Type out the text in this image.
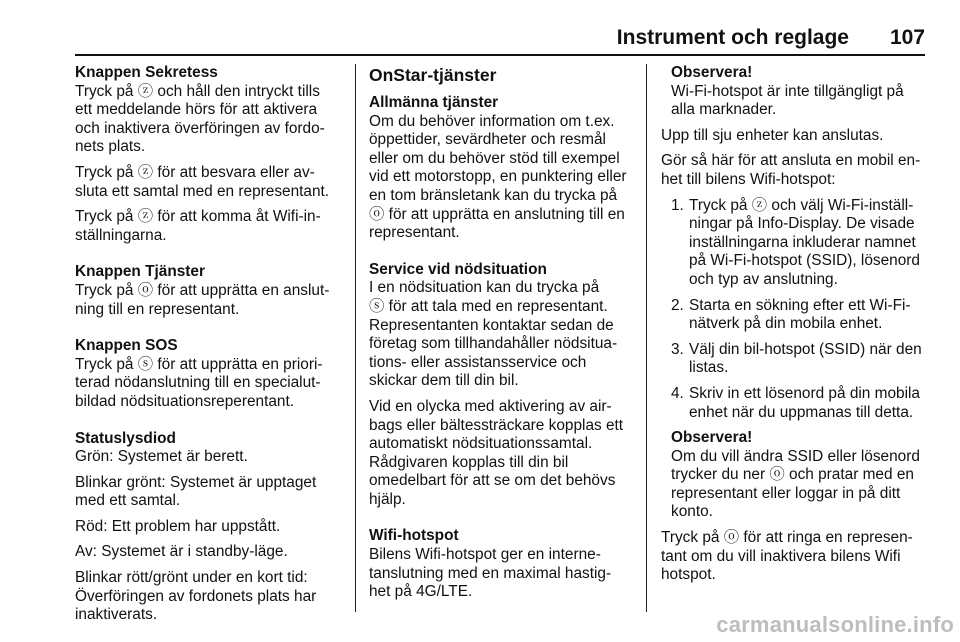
Instrument och reglage 107
Knappen Sekretess
Tryck på ⓩ och håll den intryckt tills
ett meddelande hörs för att aktivera
och inaktivera överföringen av fordo-
nets plats.
Tryck på ⓩ för att besvara eller av-
sluta ett samtal med en representant.
Tryck på ⓩ för att komma åt Wifi-in-
ställningarna.
Knappen Tjänster
Tryck på ⓞ för att upprätta en anslut-
ning till en representant.
Knappen SOS
Tryck på ⓢ för att upprätta en priori-
terad nödanslutning till en specialut-
bildad nödsituationsreperentant.
Statuslysdiod
Grön: Systemet är berett.
Blinkar grönt: Systemet är upptaget
med ett samtal.
Röd: Ett problem har uppstått.
Av: Systemet är i standby-läge.
Blinkar rött/grönt under en kort tid:
Överföringen av fordonets plats har
inaktiverats.
OnStar-tjänster
Allmänna tjänster
Om du behöver information om t.ex.
öppettider, sevärdheter och resmål
eller om du behöver stöd till exempel
vid ett motorstopp, en punktering eller
en tom bränsletank kan du trycka på
ⓞ för att upprätta en anslutning till en
representant.
Service vid nödsituation
I en nödsituation kan du trycka på
ⓢ för att tala med en representant.
Representanten kontaktar sedan de
företag som tillhandahåller nödsitua-
tions- eller assistansservice och
skickar dem till din bil.
Vid en olycka med aktivering av air-
bags eller bältessträckare kopplas ett
automatiskt nödsituationssamtal.
Rådgivaren kopplas till din bil
omedelbart för att se om det behövs
hjälp.
Wifi-hotspot
Bilens Wifi-hotspot ger en interne-
tanslutning med en maximal hastig-
het på 4G/LTE.
Observera!
Wi-Fi-hotspot är inte tillgängligt på
alla marknader.
Upp till sju enheter kan anslutas.
Gör så här för att ansluta en mobil en-
het till bilens Wifi-hotspot:
1. Tryck på ⓩ och välj Wi-Fi-inställ-
ningar på Info-Display. De visade
inställningarna inkluderar namnet
på Wi-Fi-hotspot (SSID), lösenord
och typ av anslutning.
2. Starta en sökning efter ett Wi-Fi-
nätverk på din mobila enhet.
3. Välj din bil-hotspot (SSID) när den
listas.
4. Skriv in ett lösenord på din mobila
enhet när du uppmanas till detta.
Observera!
Om du vill ändra SSID eller lösenord
trycker du ner ⓞ och pratar med en
representant eller loggar in på ditt
konto.
Tryck på ⓞ för att ringa en represen-
tant om du vill inaktivera bilens Wifi
hotspot.
carmanualsonline.info
